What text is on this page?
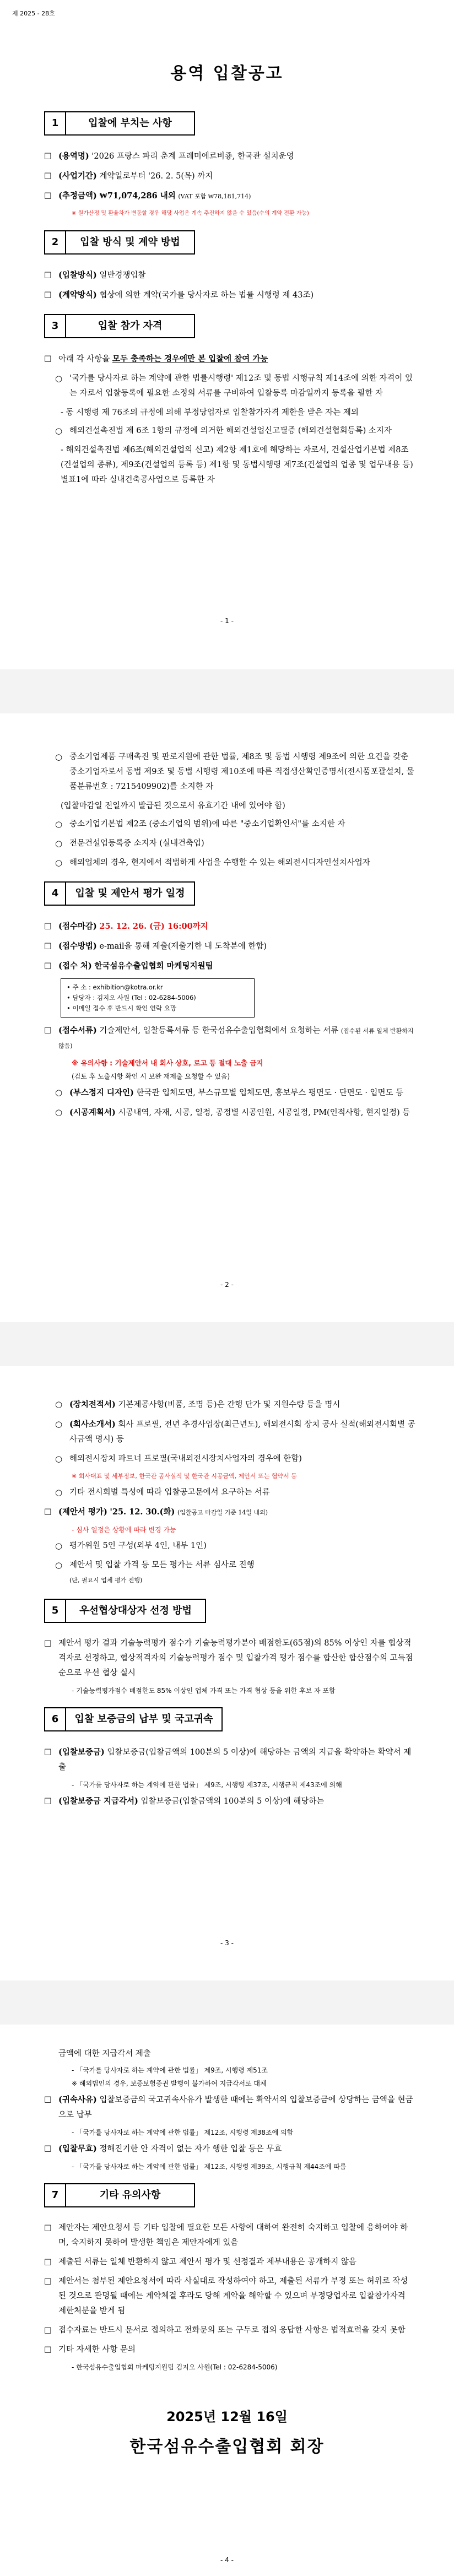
제 2025 - 28호
용역 입찰공고
1	입찰에 부치는 사항
□ (용역명) '2026 프랑스 파리 춘계 프레미에르비죵, 한국관 설치운영
□ (사업기간) 계약일로부터 '26. 2. 5(목) 까지
□ (추정금액) ₩71,074,286 내외 (VAT 포함 ₩78,181,714)
※ 원가산정 및 환율차가 변동할 경우 해당 사업은 계속 추진하지 않을 수 있음(수의 계약 전환 가능)
2	입찰 방식 및 계약 방법
□ (입찰방식) 일반경쟁입찰
□ (계약방식) 협상에 의한 계약(국가를 당사자로 하는 법률 시행령 제 43조)
3	입찰 참가 자격
□ 아래 각 사항을 모두 충족하는 경우에만 본 입찰에 참여 가능
○ '국가를 당사자로 하는 계약에 관한 법률시행령' 제12조 및 동법 시행규칙 제14조에 의한 자격이 있는 자로서 입찰등록에 필요한 소정의 서류를 구비하여 입찰등록 마감일까지 등록을 필한 자
- 동 시행령 제 76조의 규정에 의해 부정당업자로 입찰참가자격 제한을 받은 자는 제외
○ 해외건설촉진법 제 6조 1항의 규정에 의거한 해외건설업신고필증 (해외건설협회등록) 소지자
- 해외건설촉진법 제6조(해외건설업의 신고) 제2항 제1호에 해당하는 자로서, 건설산업기본법 제8조(건설업의 종류), 제9조(건설업의 등록 등) 제1항 및 동법시행령 제7조(건설업의 업종 및 업무내용 등) 별표1에 따라 실내건축공사업으로 등록한 자
- 1 -
○ 중소기업제품 구매촉진 및 판로지원에 관한 법률, 제8조 및 동법 시행령 제9조에 의한 요건을 갖춘 중소기업자로서 동법 제9조 및 동법 시행령 제10조에 따른 직접생산확인증명서(전시품포괄설치, 물품분류번호 : 7215409902)를 소지한 자
(입찰마감일 전일까지 발급된 것으로서 유효기간 내에 있어야 함)
○ 중소기업기본법 제2조 (중소기업의 범위)에 따른 "중소기업확인서"를 소지한 자
○ 전문건설업등록증 소지자 (실내건축업)
○ 해외업체의 경우, 현지에서 적법하게 사업을 수행할 수 있는 해외전시디자인설치사업자
4	입찰 및 제안서 평가 일정
□ (접수마감) 25. 12. 26. (금) 16:00까지
□ (접수방법) e-mail을 통해 제출(제출기한 내 도착분에 한함)
□ (접수 처) 한국섬유수출입협회 마케팅지원팀
• 주 소 : exhibition@kotra.or.kr
• 담당자 : 김지오 사원 (Tel : 02-6284-5006)
• 이메일 접수 후 반드시 확인 연락 요망
□ (접수서류) 기술제안서, 입찰등록서류 등 한국섬유수출입협회에서 요청하는 서류 (접수된 서류 일체 반환하지 않음)
※ 유의사항 : 기술제안서 내 회사 상호, 로고 등 절대 노출 금지
(검토 후 노출시항 확인 시 보완 재제출 요청할 수 있음)
○ (부스정지 디자인) 한국관 입체도면, 부스규모별 입체도면, 홍보부스 평면도 · 단면도 · 입면도 등
○ (시공계획서) 시공내역, 자재, 시공, 일정, 공정별 시공인원, 시공일정, PM(인적사항, 현지일정) 등
- 2 -
○ (장치전적서) 기본제공사항(비품, 조명 등)은 간행 단가 및 지원수량 등을 명시
○ (회사소개서) 회사 프로필, 전년 추경사업장(최근년도), 해외전시회 장치 공사 실적(해외전시회별 공사금액 명시) 등
○ 해외전시장치 파트너 프로필(국내외전시장치사업자의 경우에 한함)
※ 회사대표 및 세부정보, 한국관 공사실적 및 한국관 시공금액, 제안서 또는 협약서 등
○ 기타 전시회별 특성에 따라 입찰공고문에서 요구하는 서류
□ (제안서 평가) '25. 12. 30.(화) (입찰공고 마감일 기준 14일 내외)
- 심사 일정은 상황에 따라 변경 가능
○ 평가위원 5인 구성(외부 4인, 내부 1인)
○ 제안서 및 입찰 가격 등 모든 평가는 서류 심사로 진행
(단, 필요시 업체 평가 진행)
5	우선협상대상자 선정 방법
□ 제안서 평가 결과 기술능력평가 점수가 기술능력평가분야 배점한도(65점)의 85% 이상인 자를 협상적격자로 선정하고, 협상적격자의 기술능력평가 점수 및 입찰가격 평가 점수를 합산한 합산점수의 고득점 순으로 우선 협상 실시
- 기술능력평가점수 배점한도 85% 이상인 업체 가격 또는 가격 협상 등을 위한 후보 자 포함
6	입찰 보증금의 납부 및 국고귀속
□ (입찰보증금) 입찰보증금(입찰금액의 100분의 5 이상)에 해당하는 금액의 지급을 확약하는 확약서 제출
- 「국가를 당사자로 하는 계약에 관한 법률」 제9조, 시행령 제37조, 시행규칙 제43조에 의해
□ (입찰보증금 지급각서) 입찰보증금(입찰금액의 100분의 5 이상)에 해당하는
- 3 -
금액에 대한 지급각서 제출
- 「국가를 당사자로 하는 계약에 관한 법률」 제9조, 시행령 제51조
※ 해외법인의 경우, 보증보험증권 발행이 불가하여 지급각서로 대체
□ (귀속사유) 입찰보증금의 국고귀속사유가 발생한 때에는 확약서의 입찰보증금에 상당하는 금액을 현금으로 납부
- 「국가를 당사자로 하는 계약에 관한 법률」 제12조, 시행령 제38조에 의함
□ (입찰무효) 정해진기한 안 자격이 없는 자가 행한 입찰 등은 무효
- 「국가를 당사자로 하는 계약에 관한 법률」 제12조, 시행령 제39조, 시행규칙 제44조에 따름
7	기타 유의사항
□ 제안자는 제안요청서 등 기타 입찰에 필요한 모든 사항에 대하여 완전히 숙지하고 입찰에 응하여야 하며, 숙지하지 못하여 발생한 책임은 제안자에게 있음
□ 제출된 서류는 일체 반환하지 않고 제안서 평가 및 선정결과 제부내용은 공개하지 않음
□ 제안서는 첨부된 제안요청서에 따라 사실대로 작성하여야 하고, 제출된 서류가 부정 또는 허위로 작성된 것으로 판명될 때에는 계약체결 후라도 당해 계약을 해약할 수 있으며 부정당업자로 입찰참가자격 제한처분을 받게 됨
□ 접수자료는 반드시 문서로 접의하고 전화문의 또는 구두로 접의 응답한 사항은 법적효력을 갖지 못함
□ 기타 자세한 사항 문의
- 한국섬유수출입협회 마케팅지원팀 김지오 사원(Tel : 02-6284-5006)
2025년 12월 16일
한국섬유수출입협회 회장
- 4 -
